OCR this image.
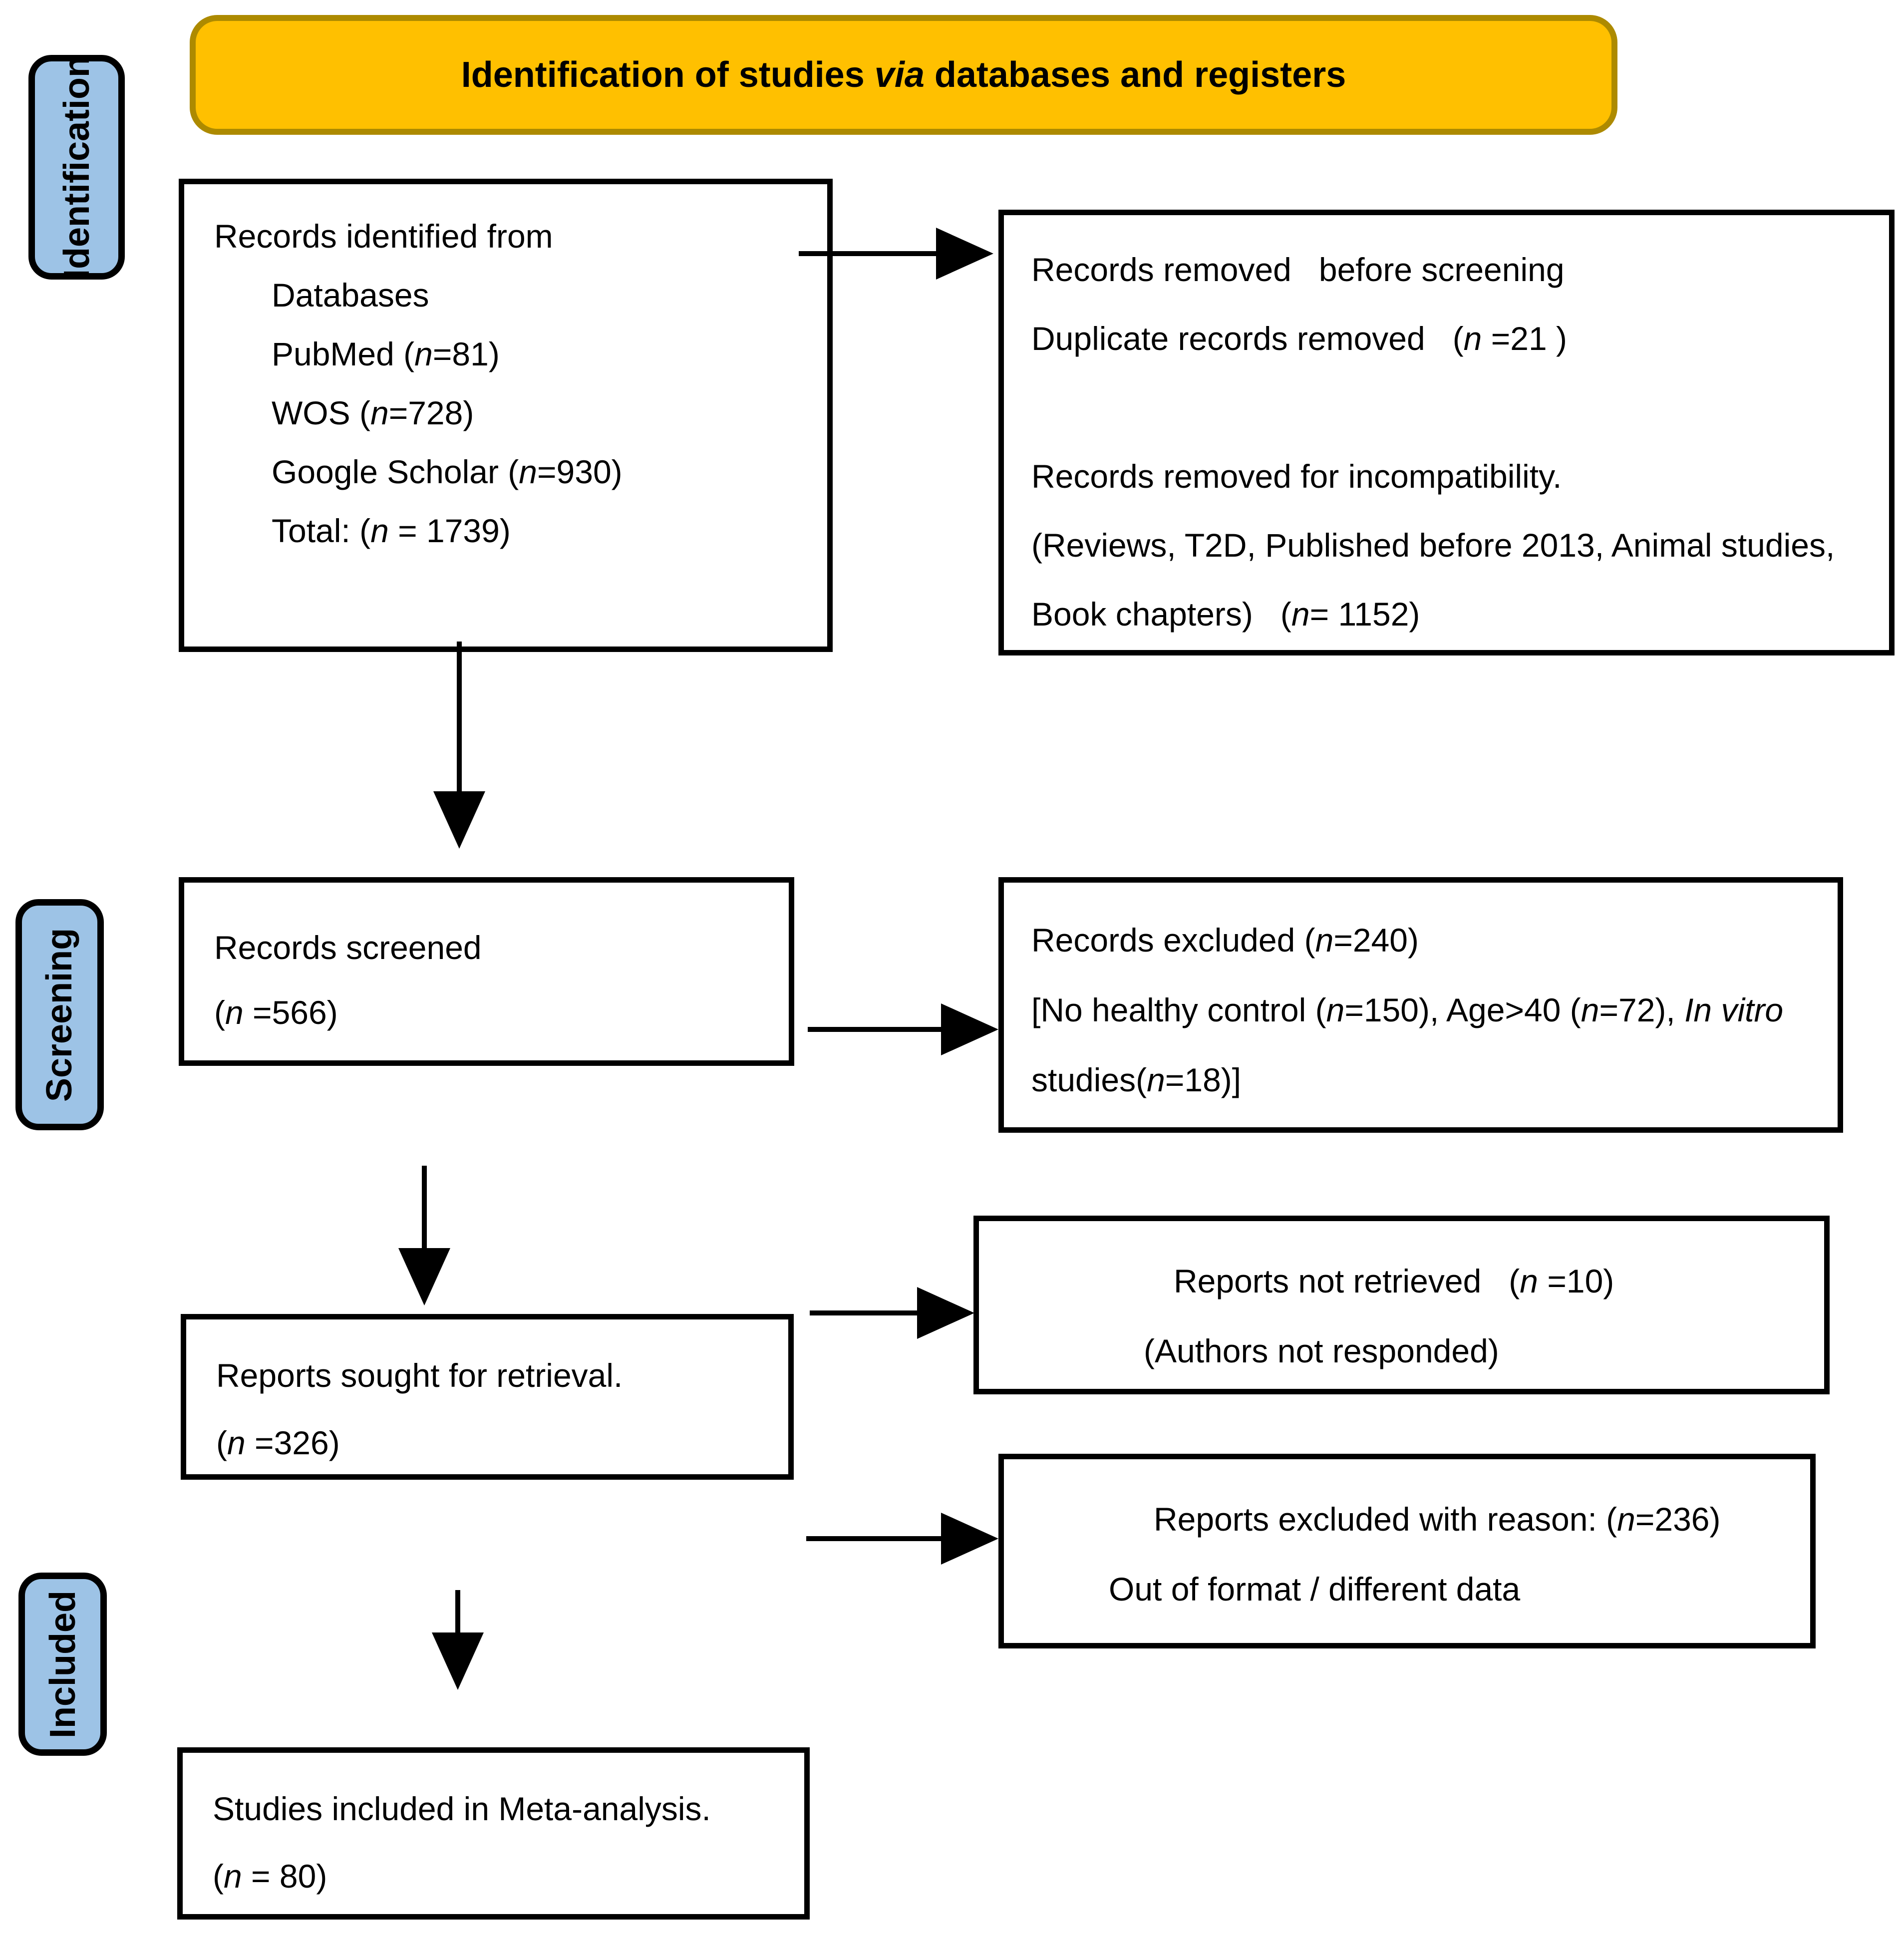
Identification of studies via databases and registers
Identification
Screening
Included
Records identified from
Databases
PubMed (n=81)
WOS (n=728)
Google Scholar (n=930)
Total: (n = 1739)
Records removed   before screening
Duplicate records removed   (n =21 )
Records removed for incompatibility.
(Reviews, T2D, Published before 2013, Animal studies,
Book chapters)   (n= 1152)
Records screened
(n =566)
Records excluded (n=240)
[No healthy control (n=150), Age>40 (n=72), In vitro
studies(n=18)]
Reports sought for retrieval.
(n =326)
Reports not retrieved   (n =10)
(Authors not responded)
Reports excluded with reason: (n=236)
Out of format / different data
Studies included in Meta-analysis.
(n = 80)
